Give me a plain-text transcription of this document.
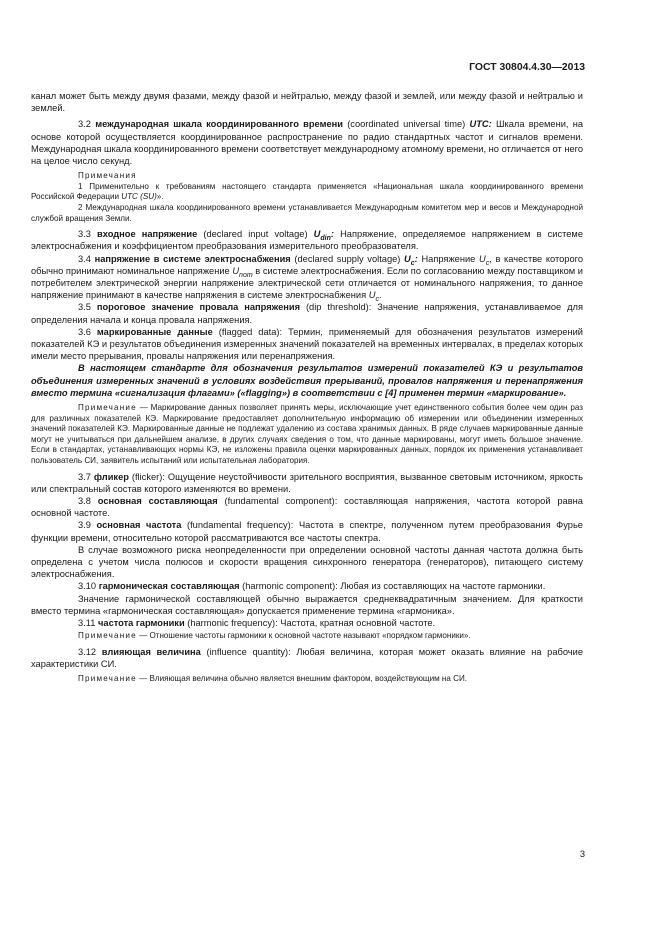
ГОСТ 30804.4.30—2013

канал может быть между двумя фазами, между фазой и нейтралью, между фазой и землей, или между фазой и нейтралью и землей.

3.2 международная шкала координированного времени (coordinated universal time) UTC: Шкала времени, на основе которой осуществляется координированное распространение по радио стандартных частот и сигналов времени. Международная шкала координированного времени соответствует международному атомному времени, но отличается от него на целое число секунд.

Примечания

1 Применительно к требованиям настоящего стандарта применяется «Национальная шкала координированного времени Российской Федерации UTC (SU)».

2 Международная шкала координированного времени устанавливается Международным комитетом мер и весов и Международной службой вращения Земли.

3.3 входное напряжение (declared input voltage) $U_{din}$: Напряжение, определяемое напряжением в системе электроснабжения и коэффициентом преобразования измерительного преобразователя.

3.4 напряжение в системе электроснабжения (declared supply voltage) $U_c$: Напряжение $U_c$, в качестве которого обычно принимают номинальное напряжение $U_{nom}$ в системе электроснабжения. Если по согласованию между поставщиком и потребителем электрической энергии напряжение электрической сети отличается от номинального напряжения, то данное напряжение принимают в качестве напряжения в системе электроснабжения $U_c$.

3.5 пороговое значение провала напряжения (dip threshold): Значение напряжения, устанавливаемое для определения начала и конца провала напряжения.

3.6 маркированные данные (flagged data): Термин, применяемый для обозначения результатов измерений показателей КЭ и результатов объединения измеренных значений показателей на временных интервалах, в пределах которых имели место прерывания, провалы напряжения или перенапряжения.

В настоящем стандарте для обозначения результатов измерений показателей КЭ и результатов объединения измеренных значений в условиях воздействия прерываний, провалов напряжения и перенапряжения вместо термина «сигнализация флагами» («flagging») в соответствии с [4] применен термин «маркирование».

Примечание — Маркирование данных позволяет принять меры, исключающие учет единственного события более чем один раз для различных показателей КЭ. Маркирование предоставляет дополнительную информацию об измерении или объединении измеренных значений показателей КЭ. Маркированные данные не подлежат удалению из состава хранимых данных. В ряде случаев маркированные данные могут не учитываться при дальнейшем анализе, в других случаях сведения о том, что данные маркированы, могут иметь большое значение. Если в стандартах, устанавливающих нормы КЭ, не изложены правила оценки маркированных данных, порядок их применения устанавливает пользователь СИ, заявитель испытаний или испытательная лаборатория.

3.7 фликер (flicker): Ощущение неустойчивости зрительного восприятия, вызванное световым источником, яркость или спектральный состав которого изменяются во времени.

3.8 основная составляющая (fundamental component): составляющая напряжения, частота которой равна основной частоте.

3.9 основная частота (fundamental frequency): Частота в спектре, полученном путем преобразования Фурье функции времени, относительно которой рассматриваются все частоты спектра.

В случае возможного риска неопределенности при определении основной частоты данная частота должна быть определена с учетом числа полюсов и скорости вращения синхронного генератора (генераторов), питающего систему электроснабжения.

3.10 гармоническая составляющая (harmonic component): Любая из составляющих на частоте гармоники.

Значение гармонической составляющей обычно выражается среднеквадратичным значением. Для краткости вместо термина «гармоническая составляющая» допускается применение термина «гармоника».

3.11 частота гармоники (harmonic frequency): Частота, кратная основной частоте.

Примечание — Отношение частоты гармоники к основной частоте называют «порядком гармоники».

3.12 влияющая величина (influence quantity): Любая величина, которая может оказать влияние на рабочие характеристики СИ.

Примечание — Влияющая величина обычно является внешним фактором, воздействующим на СИ.

3
